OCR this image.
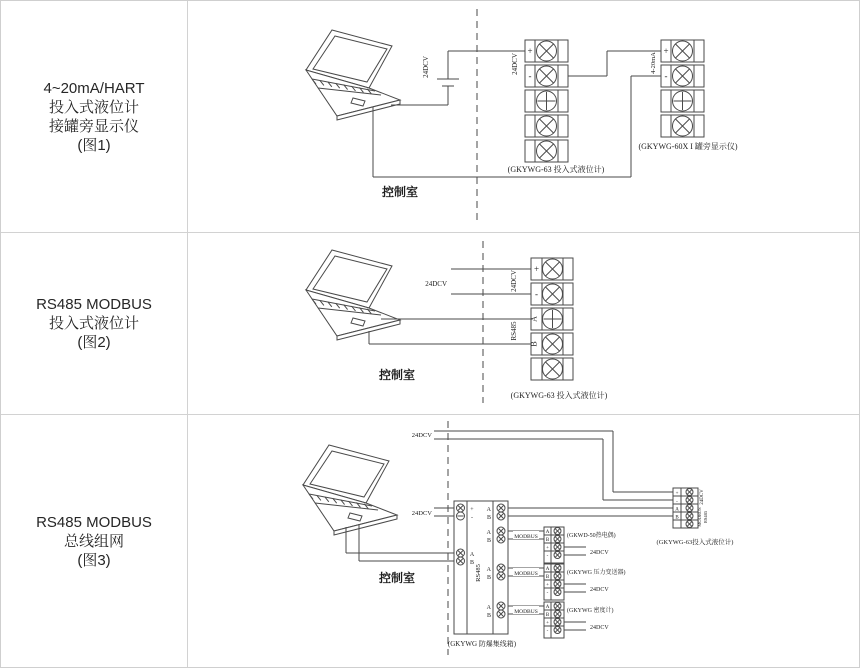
4~20mA/HART

投入式液位计

接罐旁显示仪

(图1)

RS485 MODBUS

投入式液位计

(图2)

RS485 MODBUS

总线组网

(图3)

控制室
24DCV
+
-
24DCV
(GKYWG-63 投入式液位计)
+
-
4-20mA
(GKYWG-60X I 罐旁显示仪)
控制室
24DCV
+
-
A
B
24DCV
RS485
(GKYWG-63 投入式液位计)
控制室
24DCV
24DCV	+
-
A
B
RS485
A
B
A
B
A
B
A
B
(GKYWG 防爆集线箱)
+
-
A
B
24DCV
RS485
MODBUS
(GKYWG-63投入式液位计)
MODBUS
A
B
+
-
24DCV
(GKWD-50热电偶)
MODBUS
A
B
+
-
24DCV
(GKYWG 压力变送器)
MODBUS
A
B
+
-
24DCV
(GKYWG 密度计)
